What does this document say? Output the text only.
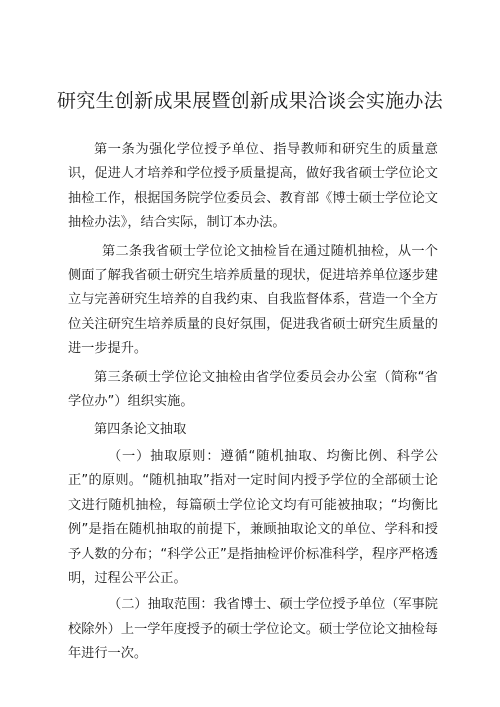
研究生创新成果展暨创新成果洽谈会实施办法

第一条为强化学位授予单位、指导教师和研究生的质量意识，促进人才培养和学位授予质量提高，做好我省硕士学位论文抽检工作，根据国务院学位委员会、教育部《博士硕士学位论文抽检办法》，结合实际，制订本办法。

第二条我省硕士学位论文抽检旨在通过随机抽检，从一个侧面了解我省硕士研究生培养质量的现状，促进培养单位逐步建立与完善研究生培养的自我约束、自我监督体系，营造一个全方位关注研究生培养质量的良好氛围，促进我省硕士研究生质量的进一步提升。

第三条硕士学位论文抽检由省学位委员会办公室（简称“省学位办”）组织实施。

第四条论文抽取

（一）抽取原则：遵循“随机抽取、均衡比例、科学公正”的原则。“随机抽取”指对一定时间内授予学位的全部硕士论文进行随机抽检，每篇硕士学位论文均有可能被抽取；“均衡比例”是指在随机抽取的前提下，兼顾抽取论文的单位、学科和授予人数的分布；“科学公正”是指抽检评价标准科学，程序严格透明，过程公平公正。

（二）抽取范围：我省博士、硕士学位授予单位（军事院校除外）上一学年度授予的硕士学位论文。硕士学位论文抽检每年进行一次。
